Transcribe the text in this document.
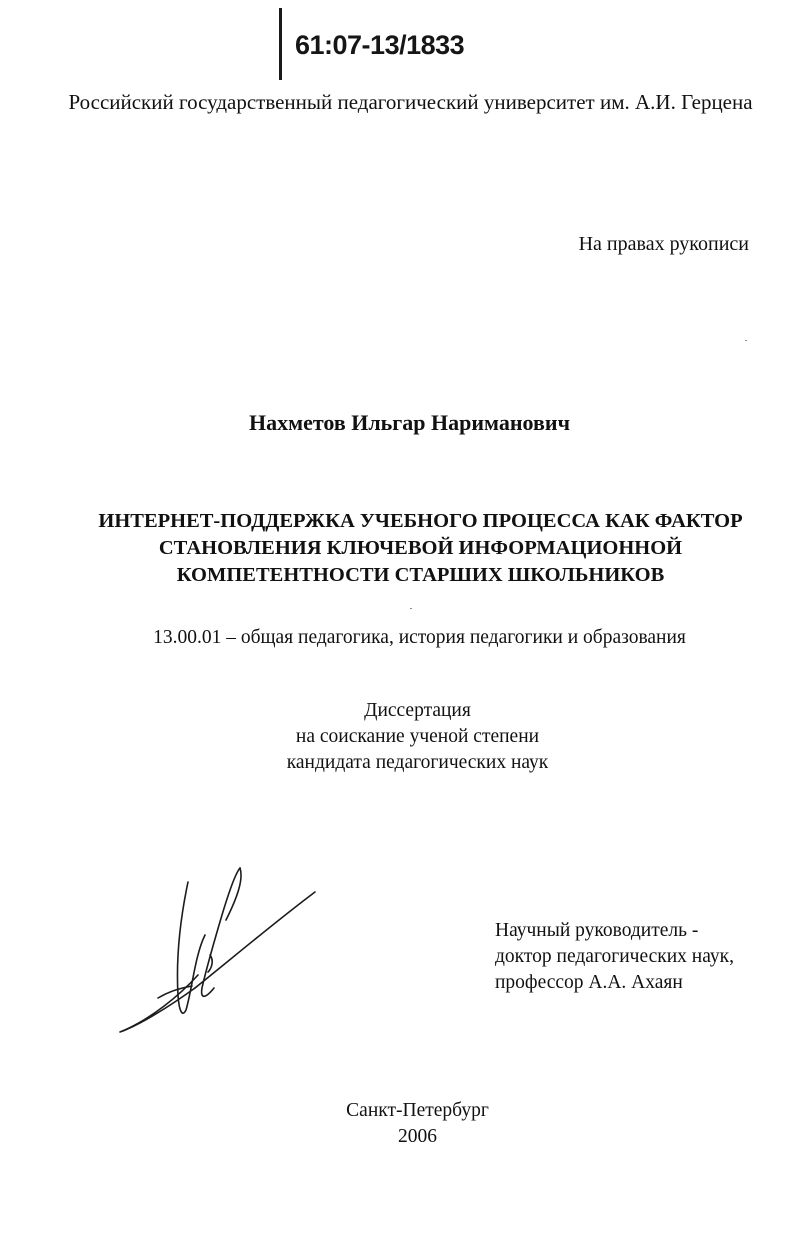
61:07-13/1833
Российский государственный педагогический университет им. А.И. Герцена
На правах рукописи
Нахметов Ильгар Нариманович
ИНТЕРНЕТ-ПОДДЕРЖКА УЧЕБНОГО ПРОЦЕССА КАК ФАКТОР
СТАНОВЛЕНИЯ КЛЮЧЕВОЙ ИНФОРМАЦИОННОЙ
КОМПЕТЕНТНОСТИ СТАРШИХ ШКОЛЬНИКОВ
13.00.01 – общая педагогика, история педагогики и образования
Диссертация
на соискание ученой степени
кандидата педагогических наук
Научный руководитель -
доктор педагогических наук,
профессор А.А. Ахаян
Санкт-Петербург
2006
